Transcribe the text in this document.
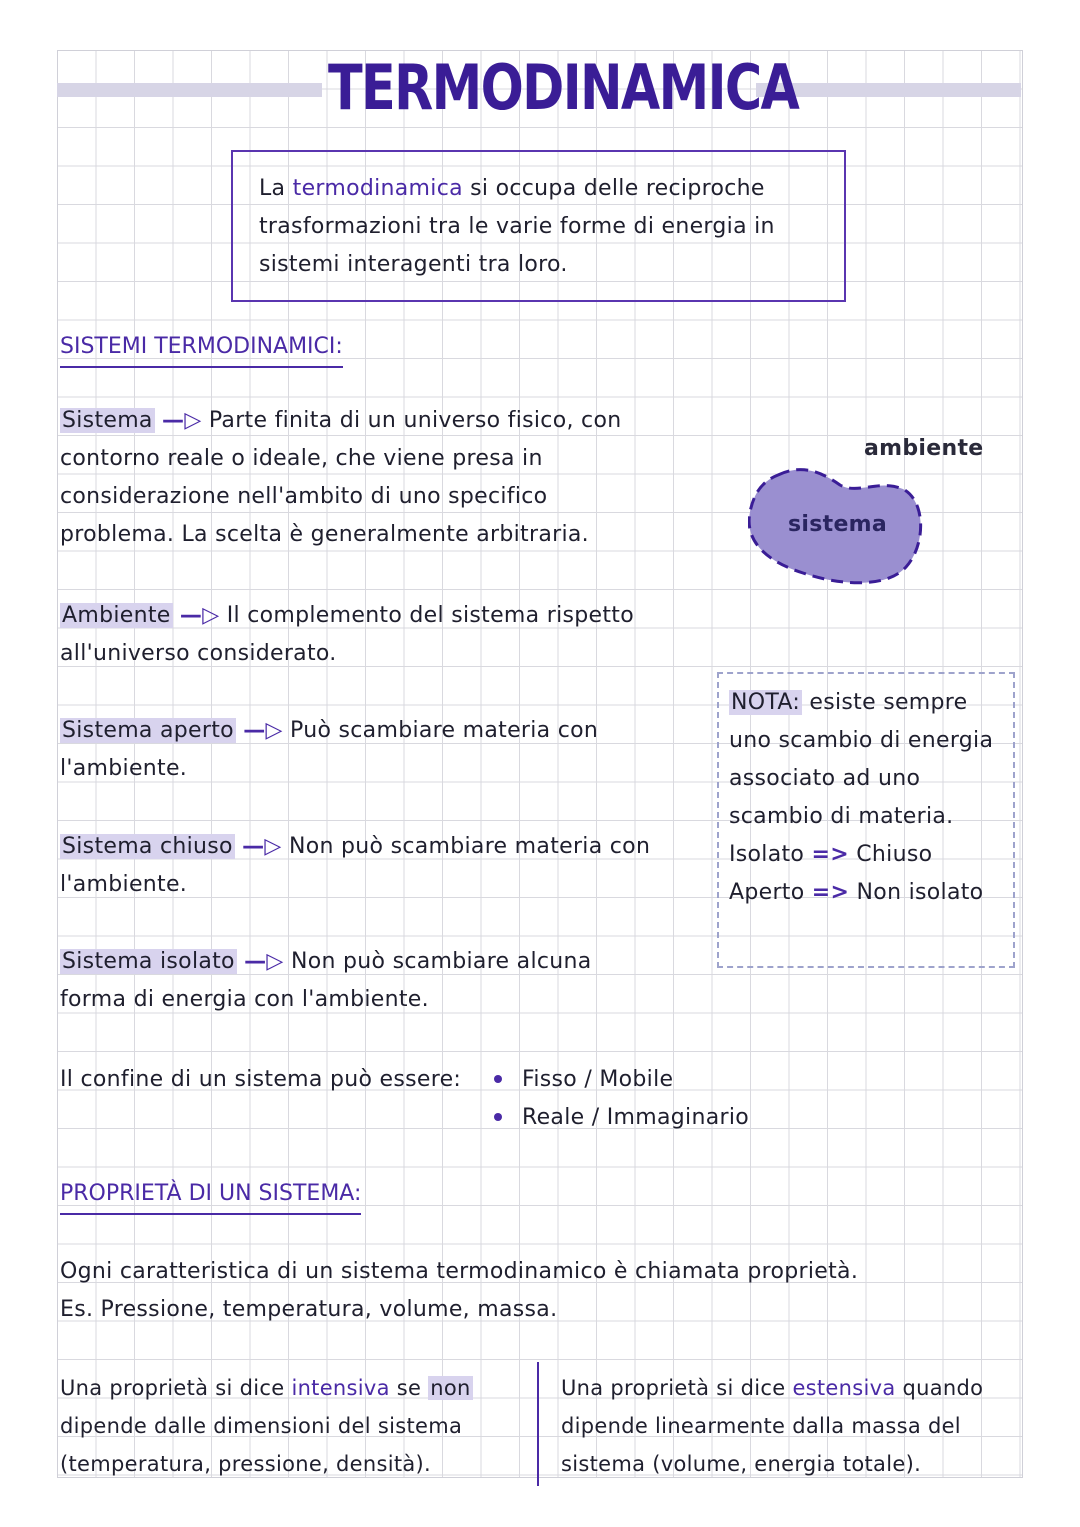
TERMODINAMICA
La termodinamica si occupa delle reciproche
trasformazioni tra le varie forme di energia in
sistemi interagenti tra loro.
SISTEMI TERMODINAMICI:
Sistema —▷ Parte finita di un universo fisico, con
contorno reale o ideale, che viene presa in
considerazione nell'ambito di uno specifico
problema. La scelta è generalmente arbitraria.
ambiente
sistema
Ambiente —▷ Il complemento del sistema rispetto
all'universo considerato.
Sistema aperto —▷ Può scambiare materia con
l'ambiente.
Sistema chiuso —▷ Non può scambiare materia con
l'ambiente.
Sistema isolato —▷ Non può scambiare alcuna
forma di energia con l'ambiente.
NOTA: esiste sempre
uno scambio di energia
associato ad uno
scambio di materia.
Isolato => Chiuso
Aperto => Non isolato
Il confine di un sistema può essere:	Fisso / Mobile
Reale / Immaginario
PROPRIETÀ DI UN SISTEMA:
Ogni caratteristica di un sistema termodinamico è chiamata proprietà.
Es. Pressione, temperatura, volume, massa.
Una proprietà si dice intensiva se non
dipende dalle dimensioni del sistema
(temperatura, pressione, densità).
Una proprietà si dice estensiva quando
dipende linearmente dalla massa del
sistema (volume, energia totale).
